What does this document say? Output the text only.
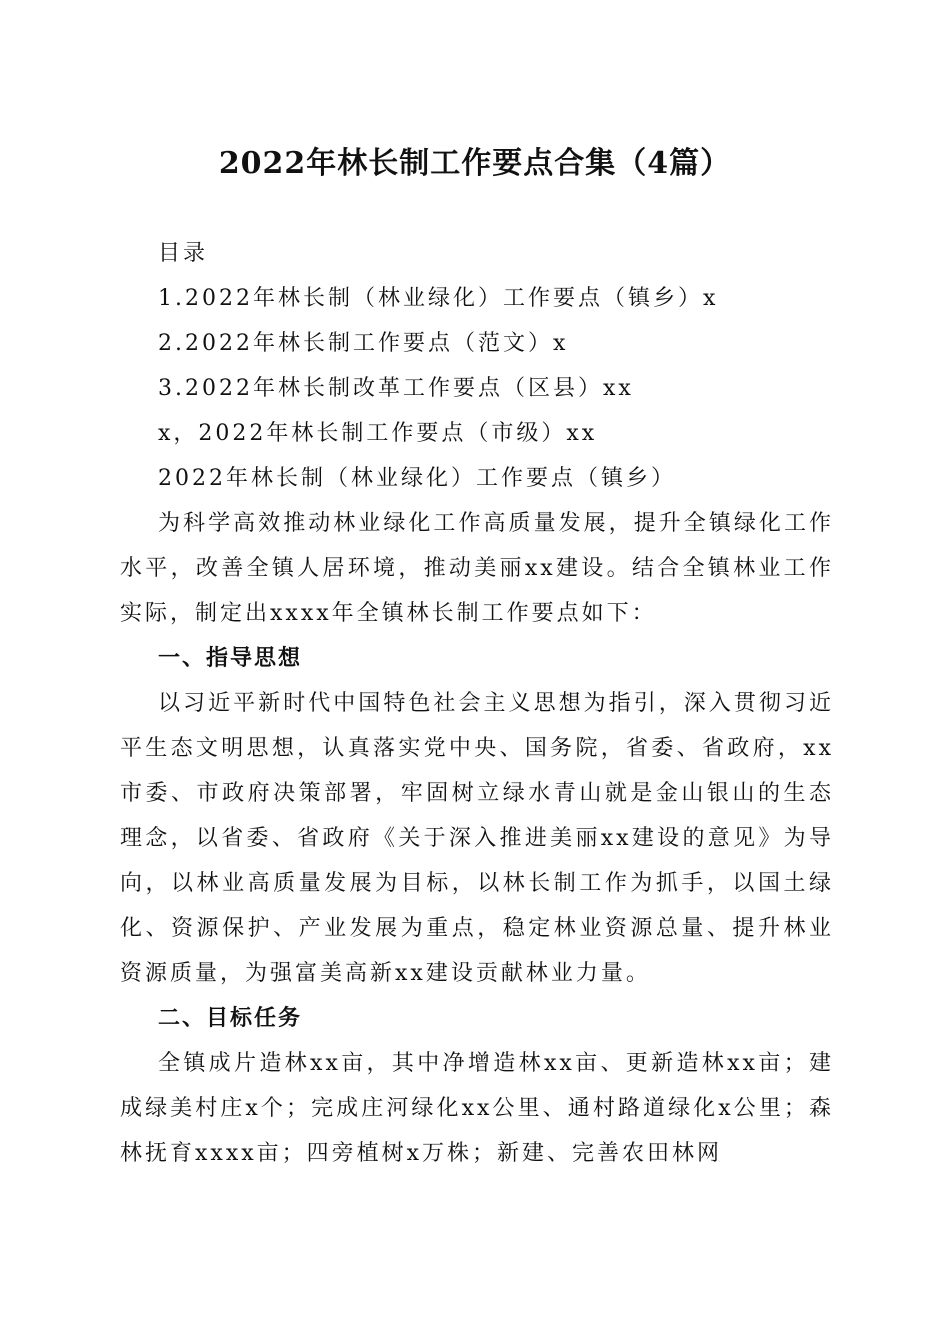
2022年林长制工作要点合集（4篇）
目录
1.2022年林长制（林业绿化）工作要点（镇乡）x
2.2022年林长制工作要点（范文）x
3.2022年林长制改革工作要点（区县）xx
x，2022年林长制工作要点（市级）xx
2022年林长制（林业绿化）工作要点（镇乡）

为科学高效推动林业绿化工作高质量发展，提升全镇绿化工作水平，改善全镇人居环境，推动美丽xx建设。结合全镇林业工作实际，制定出xxxx年全镇林长制工作要点如下：

一、指导思想

以习近平新时代中国特色社会主义思想为指引，深入贯彻习近平生态文明思想，认真落实党中央、国务院，省委、省政府，xx市委、市政府决策部署，牢固树立绿水青山就是金山银山的生态理念，以省委、省政府《关于深入推进美丽xx建设的意见》为导向，以林业高质量发展为目标，以林长制工作为抓手，以国土绿化、资源保护、产业发展为重点，稳定林业资源总量、提升林业资源质量，为强富美高新xx建设贡献林业力量。

二、目标任务

全镇成片造林xx亩，其中净增造林xx亩、更新造林xx亩；建成绿美村庄x个；完成庄河绿化xx公里、通村路道绿化x公里；森林抚育xxxx亩；四旁植树x万株；新建、完善农田林网
